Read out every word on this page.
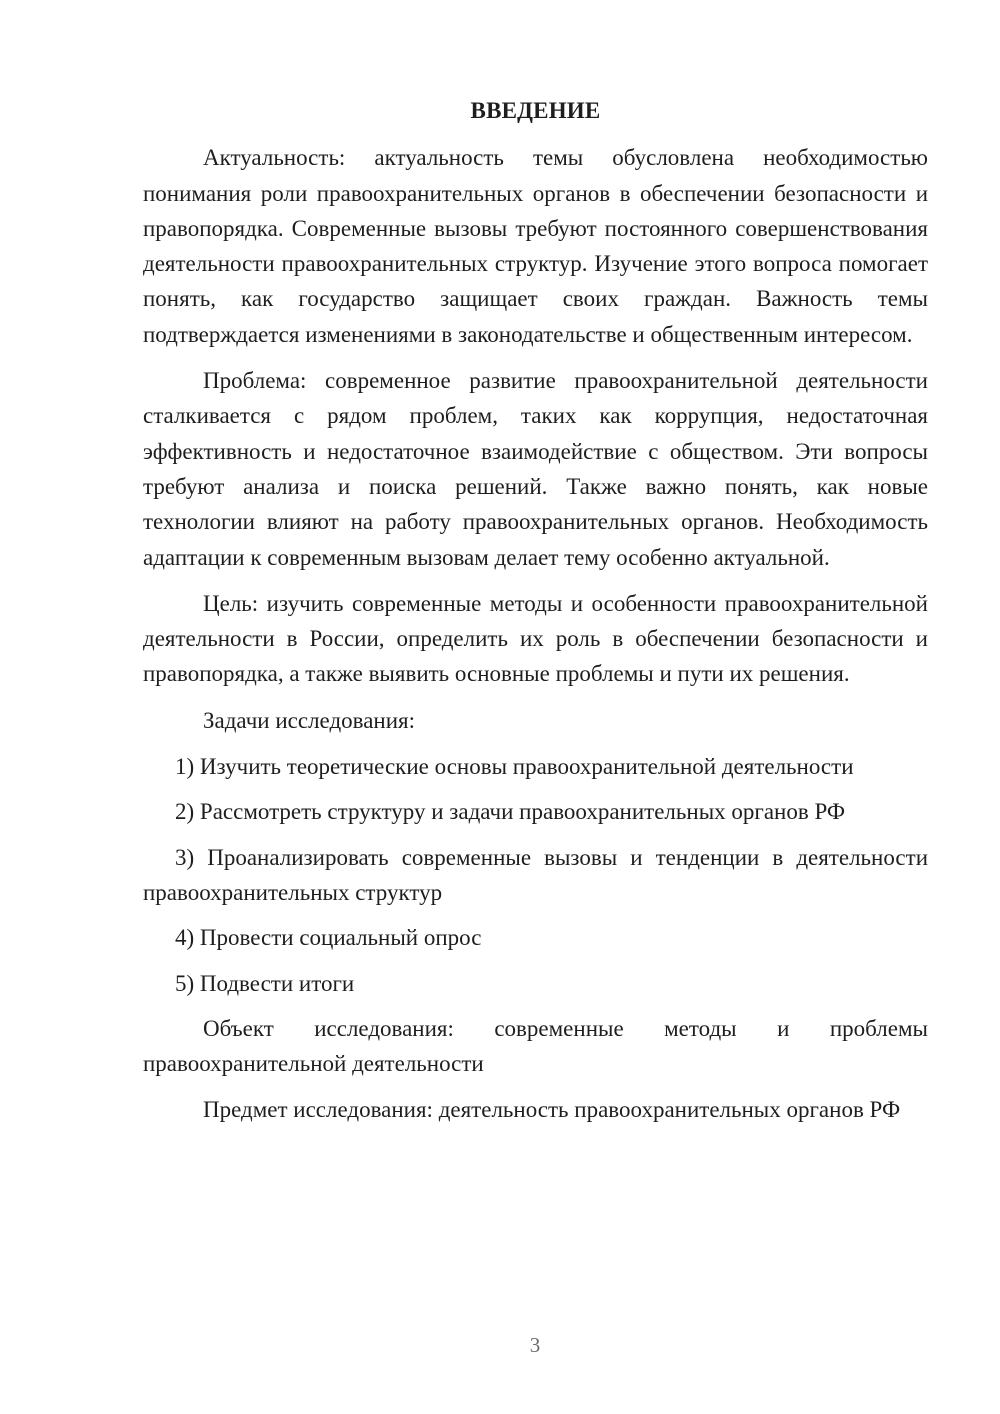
ВВЕДЕНИЕ

Актуальность: актуальность темы обусловлена необходимостью понимания роли правоохранительных органов в обеспечении безопасности и правопорядка. Современные вызовы требуют постоянного совершенствования деятельности правоохранительных структур. Изучение этого вопроса помогает понять, как государство защищает своих граждан. Важность темы подтверждается изменениями в законодательстве и общественным интересом.

Проблема: современное развитие правоохранительной деятельности сталкивается с рядом проблем, таких как коррупция, недостаточная эффективность и недостаточное взаимодействие с обществом. Эти вопросы требуют анализа и поиска решений. Также важно понять, как новые технологии влияют на работу правоохранительных органов. Необходимость адаптации к современным вызовам делает тему особенно актуальной.

Цель: изучить современные методы и особенности правоохранительной деятельности в России, определить их роль в обеспечении безопасности и правопорядка, а также выявить основные проблемы и пути их решения.

Задачи исследования:

1) Изучить теоретические основы правоохранительной деятельности

2) Рассмотреть структуру и задачи правоохранительных органов РФ

3) Проанализировать современные вызовы и тенденции в деятельности правоохранительных структур

4) Провести социальный опрос

5) Подвести итоги

Объект исследования: современные методы и проблемы правоохранительной деятельности

Предмет исследования: деятельность правоохранительных органов РФ

3
